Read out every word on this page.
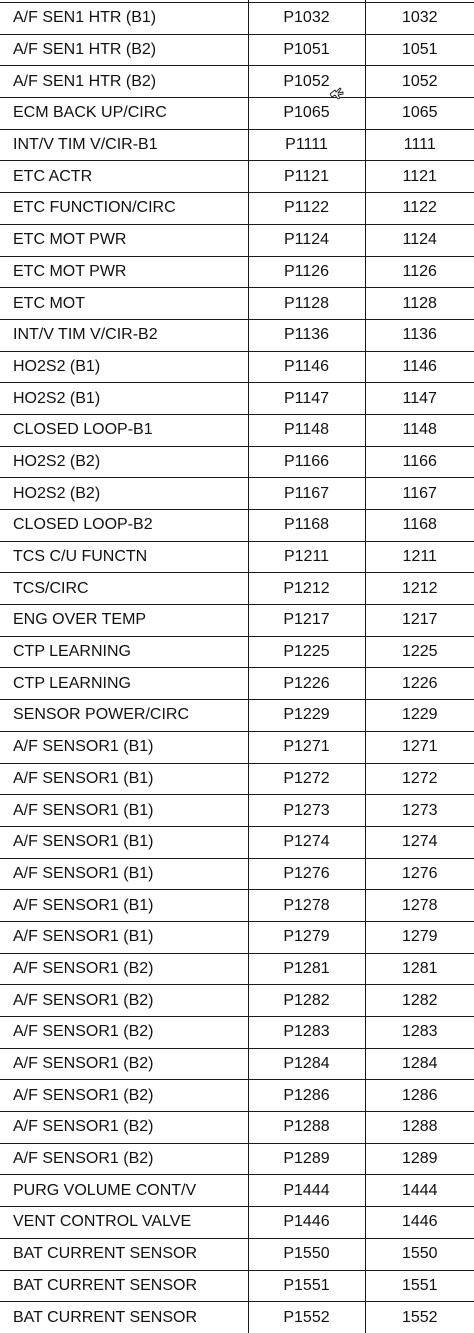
A/F SEN1 HTR (B1)	P1032	1032
A/F SEN1 HTR (B2)	P1051	1051
A/F SEN1 HTR (B2)	P1052	1052
ECM BACK UP/CIRC	P1065	1065
INT/V TIM V/CIR-B1	P1111	1111
ETC ACTR	P1121	1121
ETC FUNCTION/CIRC	P1122	1122
ETC MOT PWR	P1124	1124
ETC MOT PWR	P1126	1126
ETC MOT	P1128	1128
INT/V TIM V/CIR-B2	P1136	1136
HO2S2 (B1)	P1146	1146
HO2S2 (B1)	P1147	1147
CLOSED LOOP-B1	P1148	1148
HO2S2 (B2)	P1166	1166
HO2S2 (B2)	P1167	1167
CLOSED LOOP-B2	P1168	1168
TCS C/U FUNCTN	P1211	1211
TCS/CIRC	P1212	1212
ENG OVER TEMP	P1217	1217
CTP LEARNING	P1225	1225
CTP LEARNING	P1226	1226
SENSOR POWER/CIRC	P1229	1229
A/F SENSOR1 (B1)	P1271	1271
A/F SENSOR1 (B1)	P1272	1272
A/F SENSOR1 (B1)	P1273	1273
A/F SENSOR1 (B1)	P1274	1274
A/F SENSOR1 (B1)	P1276	1276
A/F SENSOR1 (B1)	P1278	1278
A/F SENSOR1 (B1)	P1279	1279
A/F SENSOR1 (B2)	P1281	1281
A/F SENSOR1 (B2)	P1282	1282
A/F SENSOR1 (B2)	P1283	1283
A/F SENSOR1 (B2)	P1284	1284
A/F SENSOR1 (B2)	P1286	1286
A/F SENSOR1 (B2)	P1288	1288
A/F SENSOR1 (B2)	P1289	1289
PURG VOLUME CONT/V	P1444	1444
VENT CONTROL VALVE	P1446	1446
BAT CURRENT SENSOR	P1550	1550
BAT CURRENT SENSOR	P1551	1551
BAT CURRENT SENSOR	P1552	1552
